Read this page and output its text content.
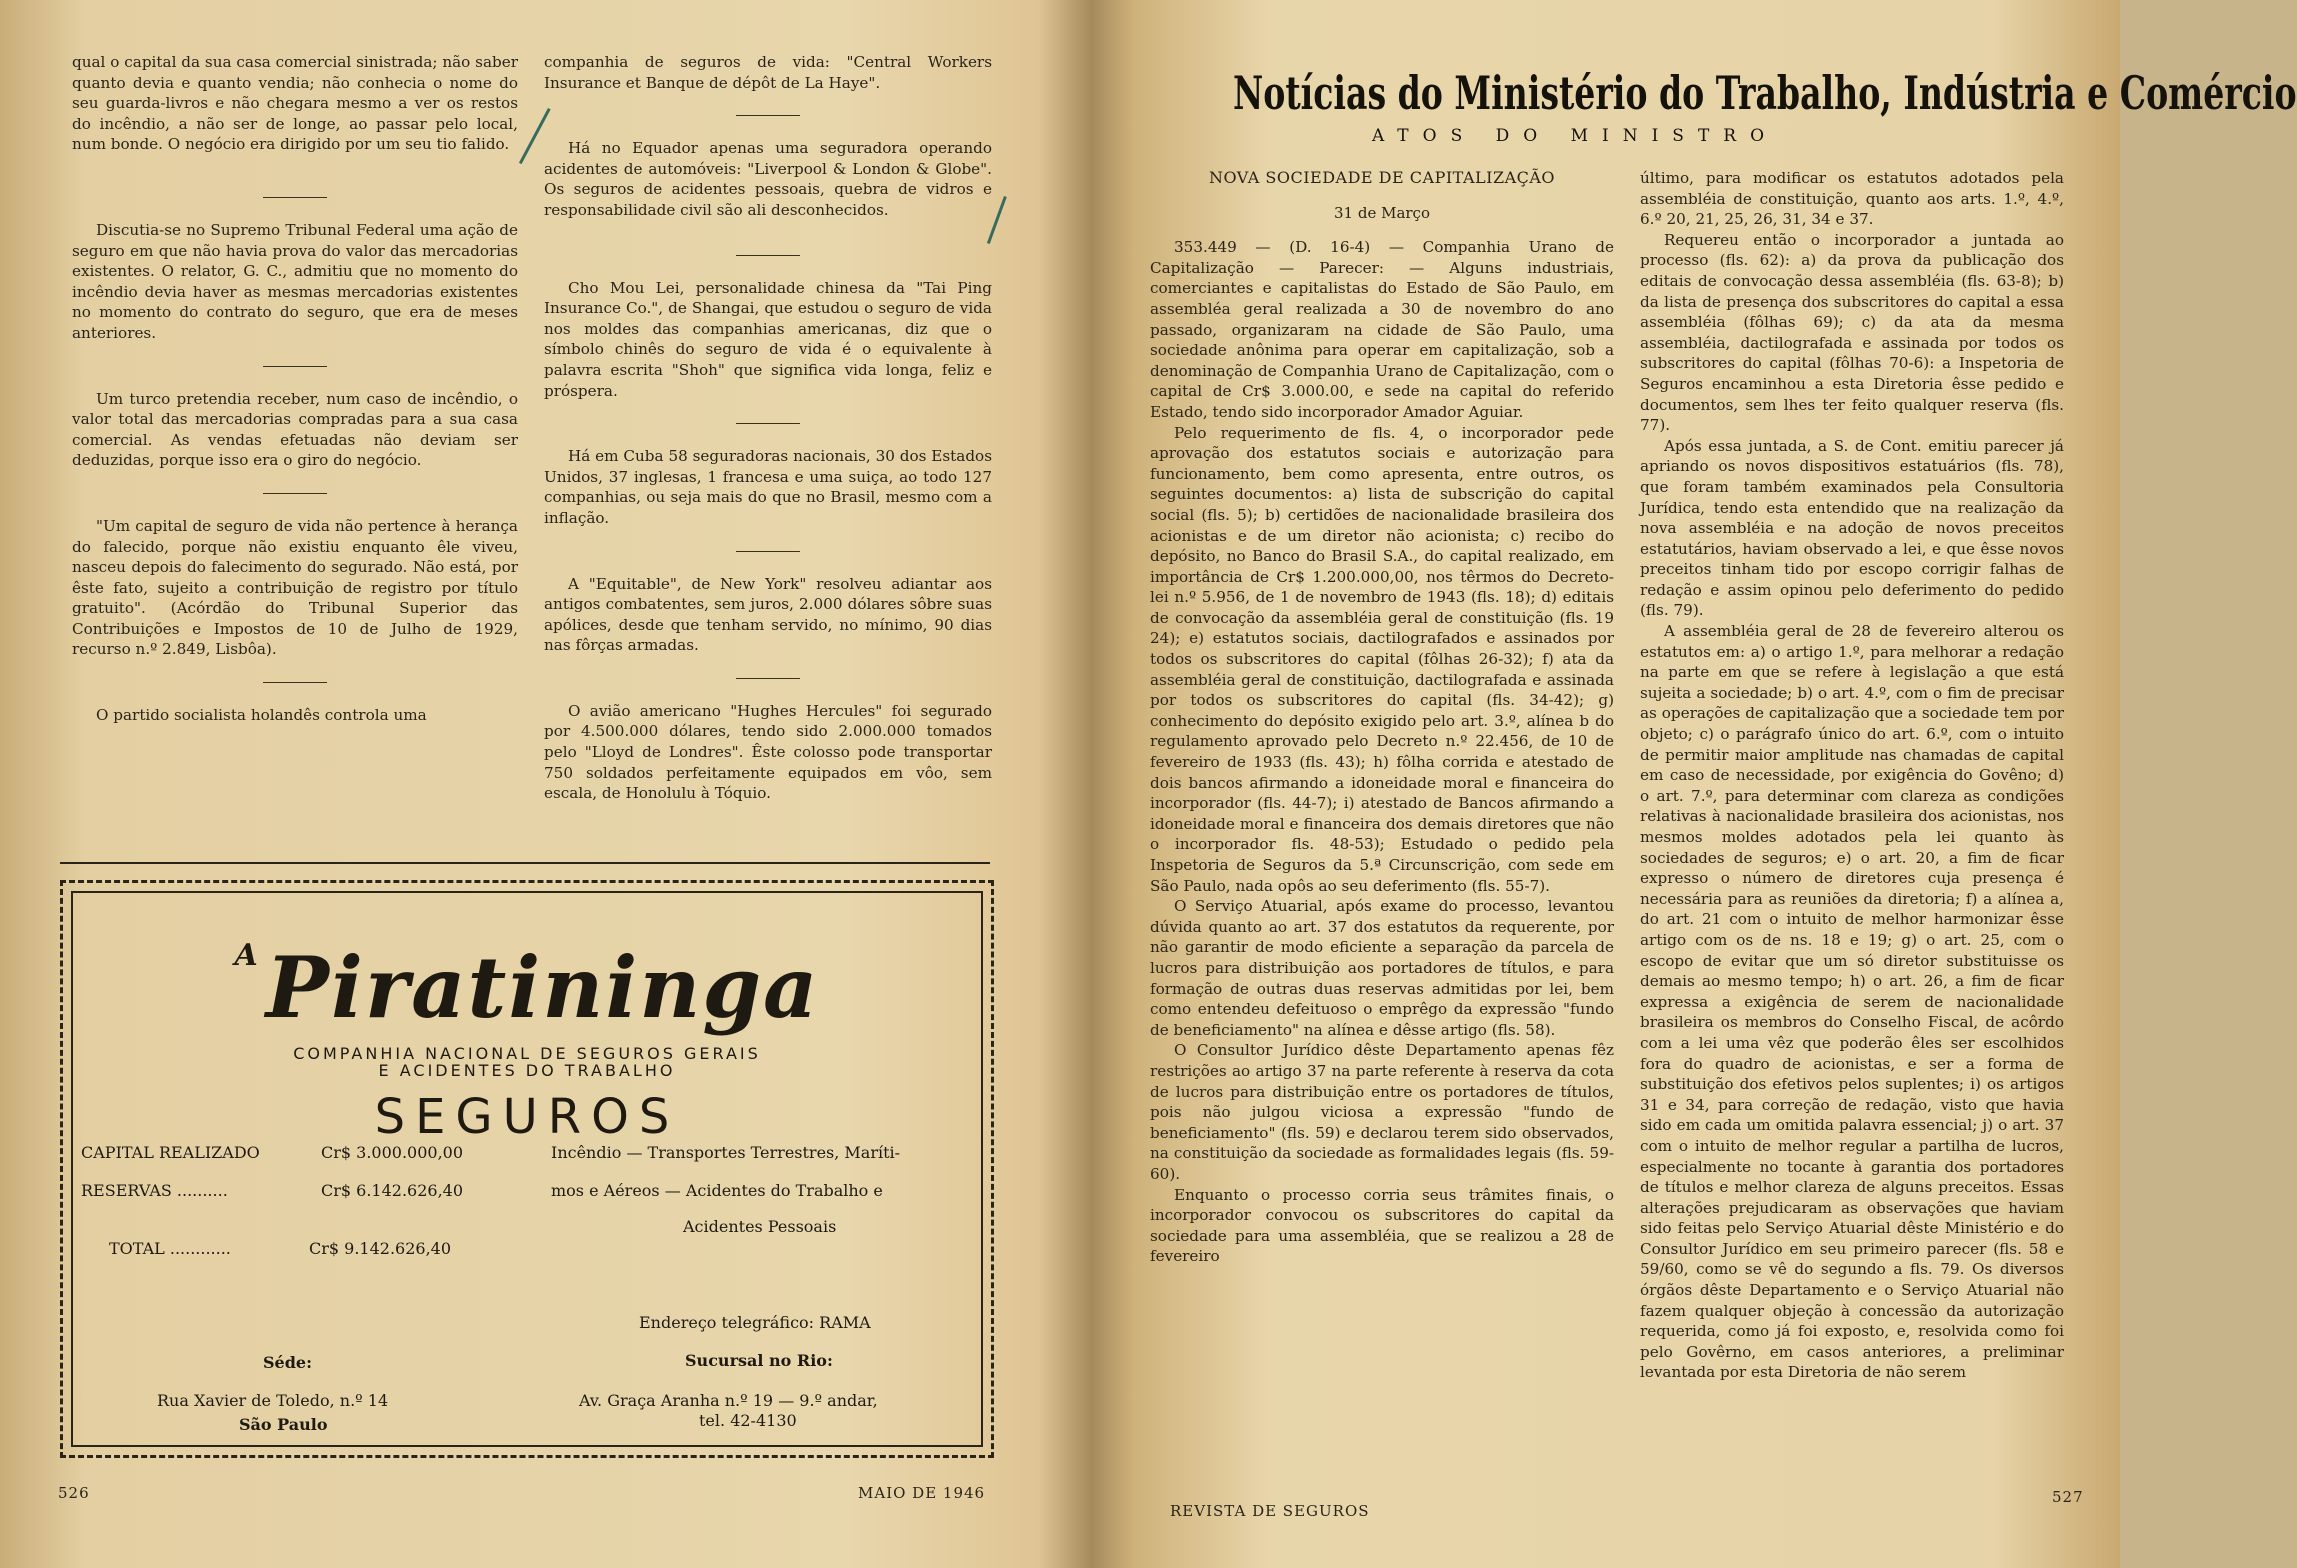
qual o capital da sua casa comercial sinistrada; não saber quanto devia e quanto vendia; não conhecia o nome do seu guarda-livros e não chegara mesmo a ver os restos do incêndio, a não ser de longe, ao passar pelo local, num bonde. O negócio era dirigido por um seu tio falido.

Discutia-se no Supremo Tribunal Federal uma ação de seguro em que não havia prova do valor das mercadorias existentes. O relator, G. C., admitiu que no momento do incêndio devia haver as mesmas mercadorias existentes no momento do contrato do seguro, que era de meses anteriores.

Um turco pretendia receber, num caso de incêndio, o valor total das mercadorias compradas para a sua casa comercial. As vendas efetuadas não deviam ser deduzidas, porque isso era o giro do negócio.

"Um capital de seguro de vida não pertence à herança do falecido, porque não existiu enquanto êle viveu, nasceu depois do falecimento do segurado. Não está, por êste fato, sujeito a contribuição de registro por título gratuito". (Acórdão do Tribunal Superior das Contribuições e Impostos de 10 de Julho de 1929, recurso n.º 2.849, Lisbôa).

O partido socialista holandês controla uma

companhia de seguros de vida: "Central Workers Insurance et Banque de dépôt de La Haye".

Há no Equador apenas uma seguradora operando acidentes de automóveis: "Liverpool & London & Globe". Os seguros de acidentes pessoais, quebra de vidros e responsabilidade civil são ali desconhecidos.

Cho Mou Lei, personalidade chinesa da "Tai Ping Insurance Co.", de Shangai, que estudou o seguro de vida nos moldes das companhias americanas, diz que o símbolo chinês do seguro de vida é o equivalente à palavra escrita "Shoh" que significa vida longa, feliz e próspera.

Há em Cuba 58 seguradoras nacionais, 30 dos Estados Unidos, 37 inglesas, 1 francesa e uma suiça, ao todo 127 companhias, ou seja mais do que no Brasil, mesmo com a inflação.

A "Equitable", de New York" resolveu adiantar aos antigos combatentes, sem juros, 2.000 dólares sôbre suas apólices, desde que tenham servido, no mínimo, 90 dias nas fôrças armadas.

O avião americano "Hughes Hercules" foi segurado por 4.500.000 dólares, tendo sido 2.000.000 tomados pelo "Lloyd de Londres". Êste colosso pode transportar 750 soldados perfeitamente equipados em vôo, sem escala, de Honolulu à Tóquio.

$^A$Piratininga
COMPANHIA NACIONAL DE SEGUROS GERAIS
E ACIDENTES DO TRABALHO
SEGUROS
CAPITAL REALIZADO	Cr$ 3.000.000,00
RESERVAS ..........	Cr$ 6.142.626,40
TOTAL ............	Cr$ 9.142.626,40
Incêndio — Transportes Terrestres, Maríti-
mos e Aéreos — Acidentes do Trabalho e
Acidentes Pessoais
Séde:
Rua Xavier de Toledo, n.º 14
São Paulo
Endereço telegráfico: RAMA
Sucursal no Rio:
Av. Graça Aranha n.º 19 — 9.º andar,
tel. 42-4130
526	MAIO DE 1946
Notícias do Ministério do Trabalho, Indústria e Comércio
ATOS DO MINISTRO
NOVA SOCIEDADE DE CAPITALIZAÇÃO
31 de Março

353.449 — (D. 16-4) — Companhia Urano de Capitalização — Parecer: — Alguns industriais, comerciantes e capitalistas do Estado de São Paulo, em assembléa geral realizada a 30 de novembro do ano passado, organizaram na cidade de São Paulo, uma sociedade anônima para operar em capitalização, sob a denominação de Companhia Urano de Capitalização, com o capital de Cr$ 3.000.00, e sede na capital do referido Estado, tendo sido incorporador Amador Aguiar.

Pelo requerimento de fls. 4, o incorporador pede aprovação dos estatutos sociais e autorização para funcionamento, bem como apresenta, entre outros, os seguintes documentos: a) lista de subscrição do capital social (fls. 5); b) certidões de nacionalidade brasileira dos acionistas e de um diretor não acionista; c) recibo do depósito, no Banco do Brasil S.A., do capital realizado, em importância de Cr$ 1.200.000,00, nos têrmos do Decreto-lei n.º 5.956, de 1 de novembro de 1943 (fls. 18); d) editais de convocação da assembléia geral de constituição (fls. 19 24); e) estatutos sociais, dactilografados e assinados por todos os subscritores do capital (fôlhas 26-32); f) ata da assembléia geral de constituição, dactilografada e assinada por todos os subscritores do capital (fls. 34-42); g) conhecimento do depósito exigido pelo art. 3.º, alínea b do regulamento aprovado pelo Decreto n.º 22.456, de 10 de fevereiro de 1933 (fls. 43); h) fôlha corrida e atestado de dois bancos afirmando a idoneidade moral e financeira do incorporador (fls. 44-7); i) atestado de Bancos afirmando a idoneidade moral e financeira dos demais diretores que não o incorporador fls. 48-53); Estudado o pedido pela Inspetoria de Seguros da 5.ª Circunscrição, com sede em São Paulo, nada opôs ao seu deferimento (fls. 55-7).

O Serviço Atuarial, após exame do processo, levantou dúvida quanto ao art. 37 dos estatutos da requerente, por não garantir de modo eficiente a separação da parcela de lucros para distribuição aos portadores de títulos, e para formação de outras duas reservas admitidas por lei, bem como entendeu defeituoso o emprêgo da expressão "fundo de beneficiamento" na alínea e dêsse artigo (fls. 58).

O Consultor Jurídico dêste Departamento apenas fêz restrições ao artigo 37 na parte referente à reserva da cota de lucros para distribuição entre os portadores de títulos, pois não julgou viciosa a expressão "fundo de beneficiamento" (fls. 59) e declarou terem sido observados, na constituição da sociedade as formalidades legais (fls. 59-60).

Enquanto o processo corria seus trâmites finais, o incorporador convocou os subscritores do capital da sociedade para uma assembléia, que se realizou a 28 de fevereiro

último, para modificar os estatutos adotados pela assembléia de constituição, quanto aos arts. 1.º, 4.º, 6.º 20, 21, 25, 26, 31, 34 e 37.

Requereu então o incorporador a juntada ao processo (fls. 62): a) da prova da publicação dos editais de convocação dessa assembléia (fls. 63-8); b) da lista de presença dos subscritores do capital a essa assembléia (fôlhas 69); c) da ata da mesma assembléia, dactilografada e assinada por todos os subscritores do capital (fôlhas 70-6): a Inspetoria de Seguros encaminhou a esta Diretoria êsse pedido e documentos, sem lhes ter feito qualquer reserva (fls. 77).

Após essa juntada, a S. de Cont. emitiu parecer já apriando os novos dispositivos estatuários (fls. 78), que foram também examinados pela Consultoria Jurídica, tendo esta entendido que na realização da nova assembléia e na adoção de novos preceitos estatutários, haviam observado a lei, e que êsse novos preceitos tinham tido por escopo corrigir falhas de redação e assim opinou pelo deferimento do pedido (fls. 79).

A assembléia geral de 28 de fevereiro alterou os estatutos em: a) o artigo 1.º, para melhorar a redação na parte em que se refere à legislação a que está sujeita a sociedade; b) o art. 4.º, com o fim de precisar as operações de capitalização que a sociedade tem por objeto; c) o parágrafo único do art. 6.º, com o intuito de permitir maior amplitude nas chamadas de capital em caso de necessidade, por exigência do Govêno; d) o art. 7.º, para determinar com clareza as condições relativas à nacionalidade brasileira dos acionistas, nos mesmos moldes adotados pela lei quanto às sociedades de seguros; e) o art. 20, a fim de ficar expresso o número de diretores cuja presença é necessária para as reuniões da diretoria; f) a alínea a, do art. 21 com o intuito de melhor harmonizar êsse artigo com os de ns. 18 e 19; g) o art. 25, com o escopo de evitar que um só diretor substituisse os demais ao mesmo tempo; h) o art. 26, a fim de ficar expressa a exigência de serem de nacionalidade brasileira os membros do Conselho Fiscal, de acôrdo com a lei uma vêz que poderão êles ser escolhidos fora do quadro de acionistas, e ser a forma de substituição dos efetivos pelos suplentes; i) os artigos 31 e 34, para correção de redação, visto que havia sido em cada um omitida palavra essencial; j) o art. 37 com o intuito de melhor regular a partilha de lucros, especialmente no tocante à garantia dos portadores de títulos e melhor clareza de alguns preceitos. Essas alterações prejudicaram as observações que haviam sido feitas pelo Serviço Atuarial dêste Ministério e do Consultor Jurídico em seu primeiro parecer (fls. 58 e 59/60, como se vê do segundo a fls. 79. Os diversos órgãos dêste Departamento e o Serviço Atuarial não fazem qualquer objeção à concessão da autorização requerida, como já foi exposto, e, resolvida como foi pelo Govêrno, em casos anteriores, a preliminar levantada por esta Diretoria de não serem

REVISTA DE SEGUROS
527
